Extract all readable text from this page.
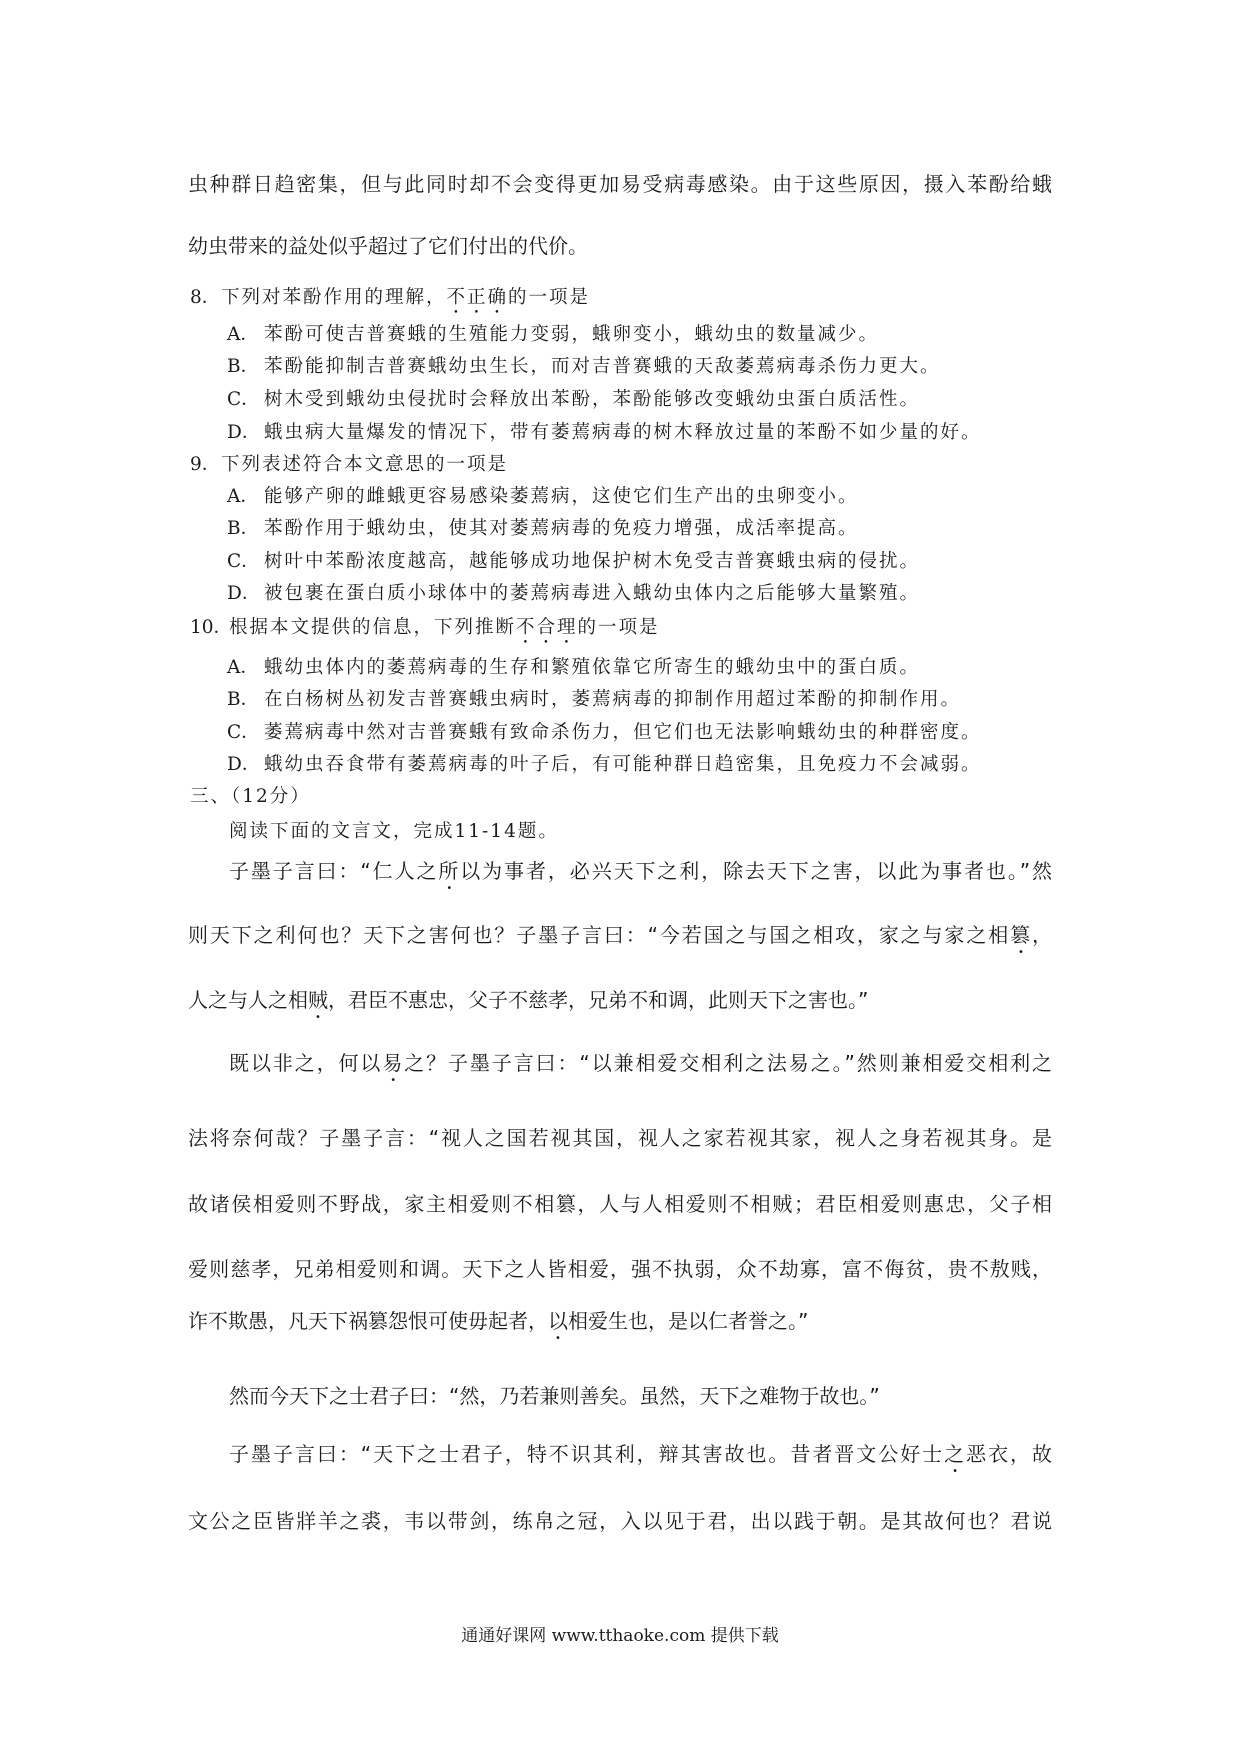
虫种群日趋密集，但与此同时却不会变得更加易受病毒感染。由于这些原因，摄入苯酚给蛾
幼虫带来的益处似乎超过了它们付出的代价。
8．下列对苯酚作用的理解，不正确的一项是
A． 苯酚可使吉普赛蛾的生殖能力变弱，蛾卵变小，蛾幼虫的数量减少。
B． 苯酚能抑制吉普赛蛾幼虫生长，而对吉普赛蛾的天敌萎蔫病毒杀伤力更大。
C． 树木受到蛾幼虫侵扰时会释放出苯酚，苯酚能够改变蛾幼虫蛋白质活性。
D． 蛾虫病大量爆发的情况下，带有萎蔫病毒的树木释放过量的苯酚不如少量的好。
9．下列表述符合本文意思的一项是
A． 能够产卵的雌蛾更容易感染萎蔫病，这使它们生产出的虫卵变小。
B． 苯酚作用于蛾幼虫，使其对萎蔫病毒的免疫力增强，成活率提高。
C． 树叶中苯酚浓度越高，越能够成功地保护树木免受吉普赛蛾虫病的侵扰。
D． 被包裹在蛋白质小球体中的萎蔫病毒进入蛾幼虫体内之后能够大量繁殖。
10．根据本文提供的信息，下列推断不合理的一项是
A． 蛾幼虫体内的萎蔫病毒的生存和繁殖依靠它所寄生的蛾幼虫中的蛋白质。
B． 在白杨树丛初发吉普赛蛾虫病时，萎蔫病毒的抑制作用超过苯酚的抑制作用。
C． 萎蔫病毒中然对吉普赛蛾有致命杀伤力，但它们也无法影响蛾幼虫的种群密度。
D． 蛾幼虫吞食带有萎蔫病毒的叶子后，有可能种群日趋密集，且免疫力不会减弱。
三、（12分）
阅读下面的文言文，完成11-14题。
子墨子言曰：“仁人之所以为事者，必兴天下之利，除去天下之害，以此为事者也。”然
则天下之利何也？天下之害何也？子墨子言曰：“今若国之与国之相攻，家之与家之相篡，
人之与人之相贼，君臣不惠忠，父子不慈孝，兄弟不和调，此则天下之害也。”
既以非之，何以易之？子墨子言曰：“以兼相爱交相利之法易之。”然则兼相爱交相利之
法将奈何哉？子墨子言：“视人之国若视其国，视人之家若视其家，视人之身若视其身。是
故诸侯相爱则不野战，家主相爱则不相篡，人与人相爱则不相贼；君臣相爱则惠忠，父子相
爱则慈孝，兄弟相爱则和调。天下之人皆相爱，强不执弱，众不劫寡，富不侮贫，贵不敖贱，
诈不欺愚，凡天下祸篡怨恨可使毋起者，以相爱生也，是以仁者誉之。”
然而今天下之士君子曰：“然，乃若兼则善矣。虽然，天下之难物于故也。”
子墨子言曰：“天下之士君子，特不识其利，辩其害故也。昔者晋文公好士之恶衣，故
文公之臣皆牂羊之裘，韦以带剑，练帛之冠，入以见于君，出以践于朝。是其故何也？君说
通通好课网 www.tthaoke.com 提供下载
